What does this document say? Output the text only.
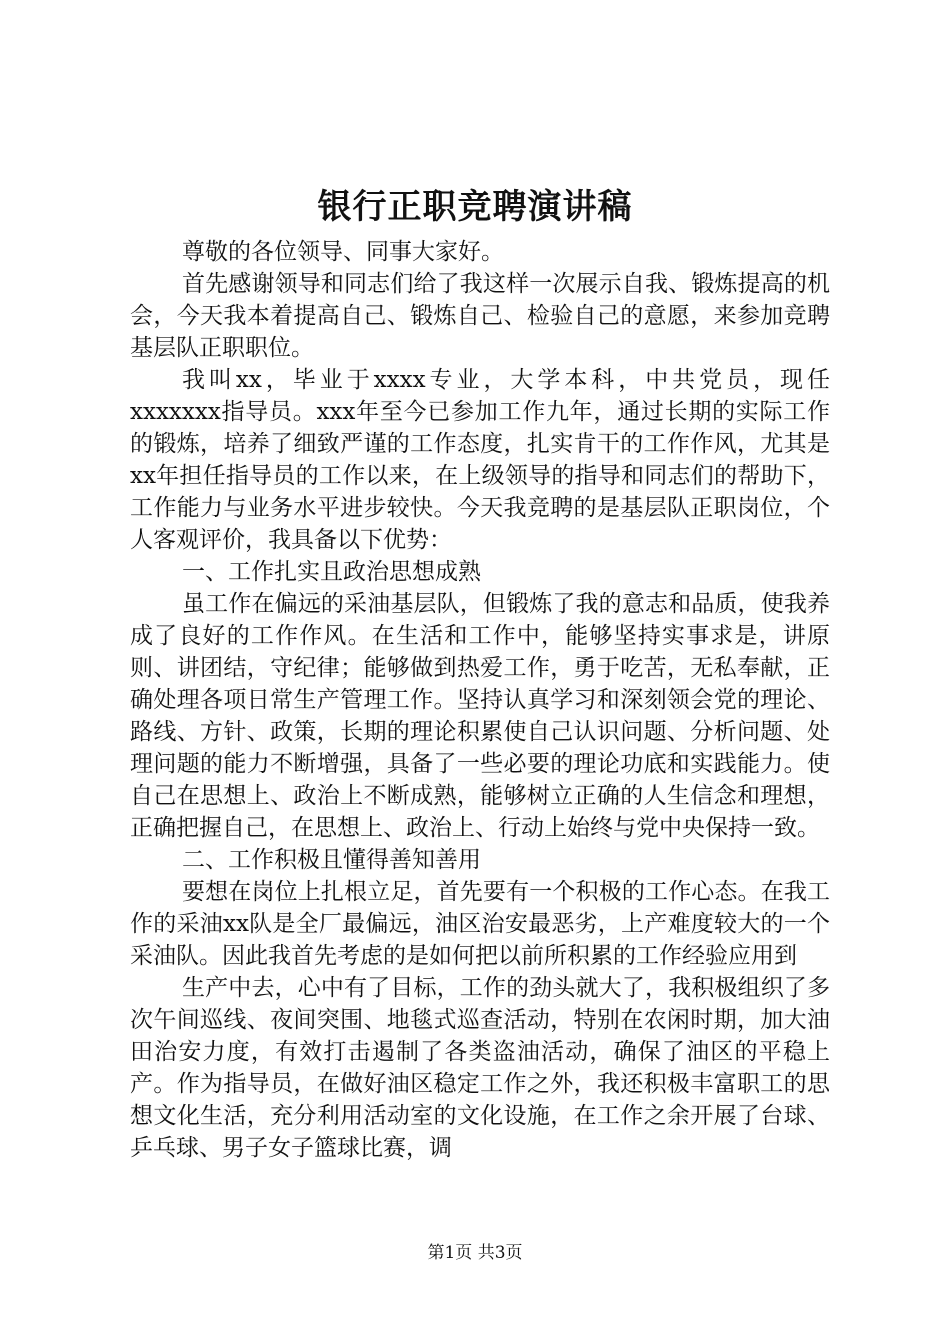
银行正职竞聘演讲稿

尊敬的各位领导、同事大家好。

首先感谢领导和同志们给了我这样一次展示自我、锻炼提高的机会，今天我本着提高自己、锻炼自己、检验自己的意愿，来参加竞聘基层队正职职位。

我叫xx，毕业于xxxx专业，大学本科，中共党员，现任xxxxxxx指导员。xxx年至今已参加工作九年，通过长期的实际工作的锻炼，培养了细致严谨的工作态度，扎实肯干的工作作风，尤其是xx年担任指导员的工作以来，在上级领导的指导和同志们的帮助下，工作能力与业务水平进步较快。今天我竞聘的是基层队正职岗位，个人客观评价，我具备以下优势：

一、工作扎实且政治思想成熟

虽工作在偏远的采油基层队，但锻炼了我的意志和品质，使我养成了良好的工作作风。在生活和工作中，能够坚持实事求是，讲原则、讲团结，守纪律；能够做到热爱工作，勇于吃苦，无私奉献，正确处理各项日常生产管理工作。坚持认真学习和深刻领会党的理论、路线、方针、政策，长期的理论积累使自己认识问题、分析问题、处理问题的能力不断增强，具备了一些必要的理论功底和实践能力。使自己在思想上、政治上不断成熟，能够树立正确的人生信念和理想，正确把握自己，在思想上、政治上、行动上始终与党中央保持一致。

二、工作积极且懂得善知善用

要想在岗位上扎根立足，首先要有一个积极的工作心态。在我工作的采油xx队是全厂最偏远，油区治安最恶劣，上产难度较大的一个采油队。因此我首先考虑的是如何把以前所积累的工作经验应用到

生产中去，心中有了目标，工作的劲头就大了，我积极组织了多次午间巡线、夜间突围、地毯式巡查活动，特别在农闲时期，加大油田治安力度，有效打击遏制了各类盗油活动，确保了油区的平稳上产。作为指导员，在做好油区稳定工作之外，我还积极丰富职工的思想文化生活，充分利用活动室的文化设施，在工作之余开展了台球、乒乓球、男子女子篮球比赛，调

第1页 共3页
